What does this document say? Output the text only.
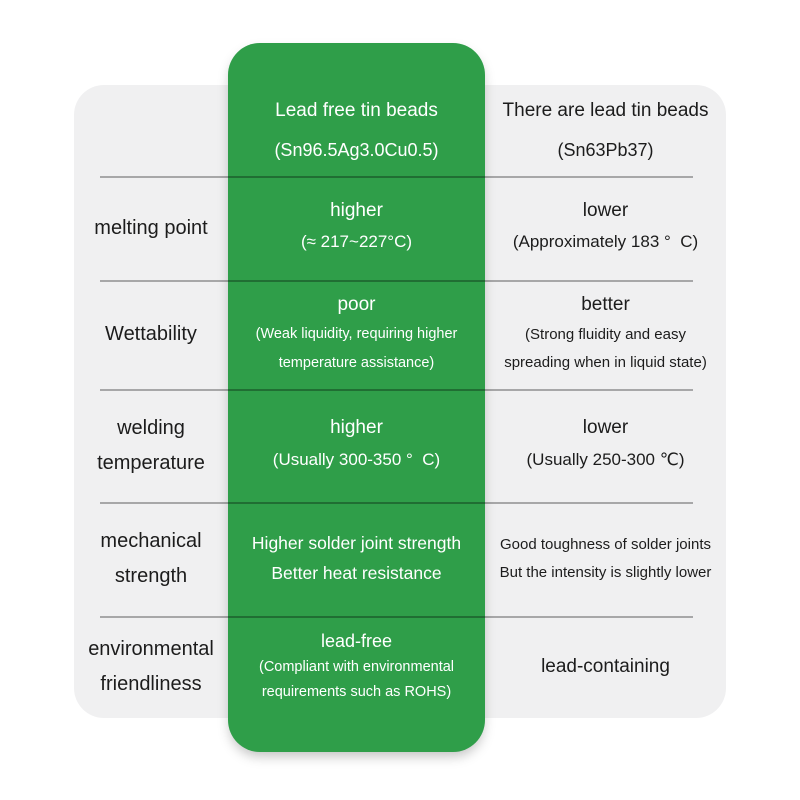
Lead free tin beads
(Sn96.5Ag3.0Cu0.5)
There are lead tin beads
(Sn63Pb37)
melting point
higher
(≈ 217~227°C)
lower
(Approximately 183 °  C)
Wettability
poor
(Weak liquidity, requiring higher
temperature assistance)
better
(Strong fluidity and easy
spreading when in liquid state)
welding
temperature
higher
(Usually 300-350 °  C)
lower
(Usually 250-300 ℃)
mechanical
strength
Higher solder joint strength
Better heat resistance
Good toughness of solder joints
But the intensity is slightly lower
environmental
friendliness
lead-free
(Compliant with environmental
requirements such as ROHS)
lead-containing
